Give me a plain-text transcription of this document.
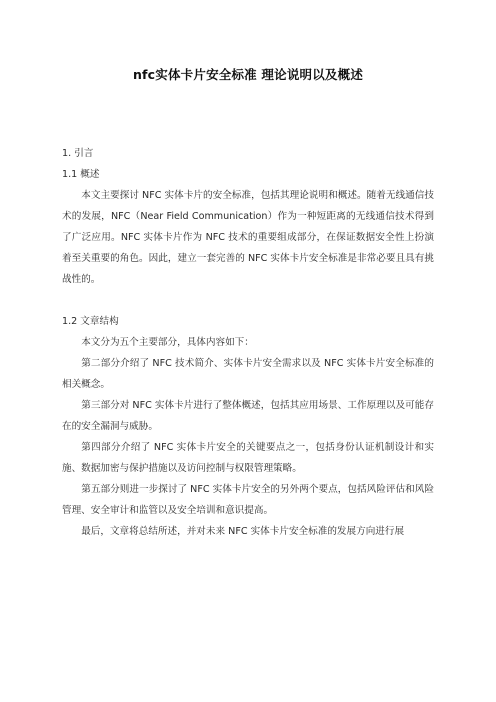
nfc实体卡片安全标准 理论说明以及概述

1. 引言

1.1 概述

本文主要探讨 NFC 实体卡片的安全标准，包括其理论说明和概述。随着无线通信技术的发展，NFC（Near Field Communication）作为一种短距离的无线通信技术得到了广泛应用。NFC 实体卡片作为 NFC 技术的重要组成部分，在保证数据安全性上扮演着至关重要的角色。因此，建立一套完善的 NFC 实体卡片安全标准是非常必要且具有挑战性的。

1.2 文章结构

本文分为五个主要部分，具体内容如下：

第二部分介绍了 NFC 技术简介、实体卡片安全需求以及 NFC 实体卡片安全标准的相关概念。

第三部分对 NFC 实体卡片进行了整体概述，包括其应用场景、工作原理以及可能存在的安全漏洞与威胁。

第四部分介绍了 NFC 实体卡片安全的关键要点之一，包括身份认证机制设计和实施、数据加密与保护措施以及访问控制与权限管理策略。

第五部分则进一步探讨了 NFC 实体卡片安全的另外两个要点，包括风险评估和风险管理、安全审计和监管以及安全培训和意识提高。

最后，文章将总结所述，并对未来 NFC 实体卡片安全标准的发展方向进行展
